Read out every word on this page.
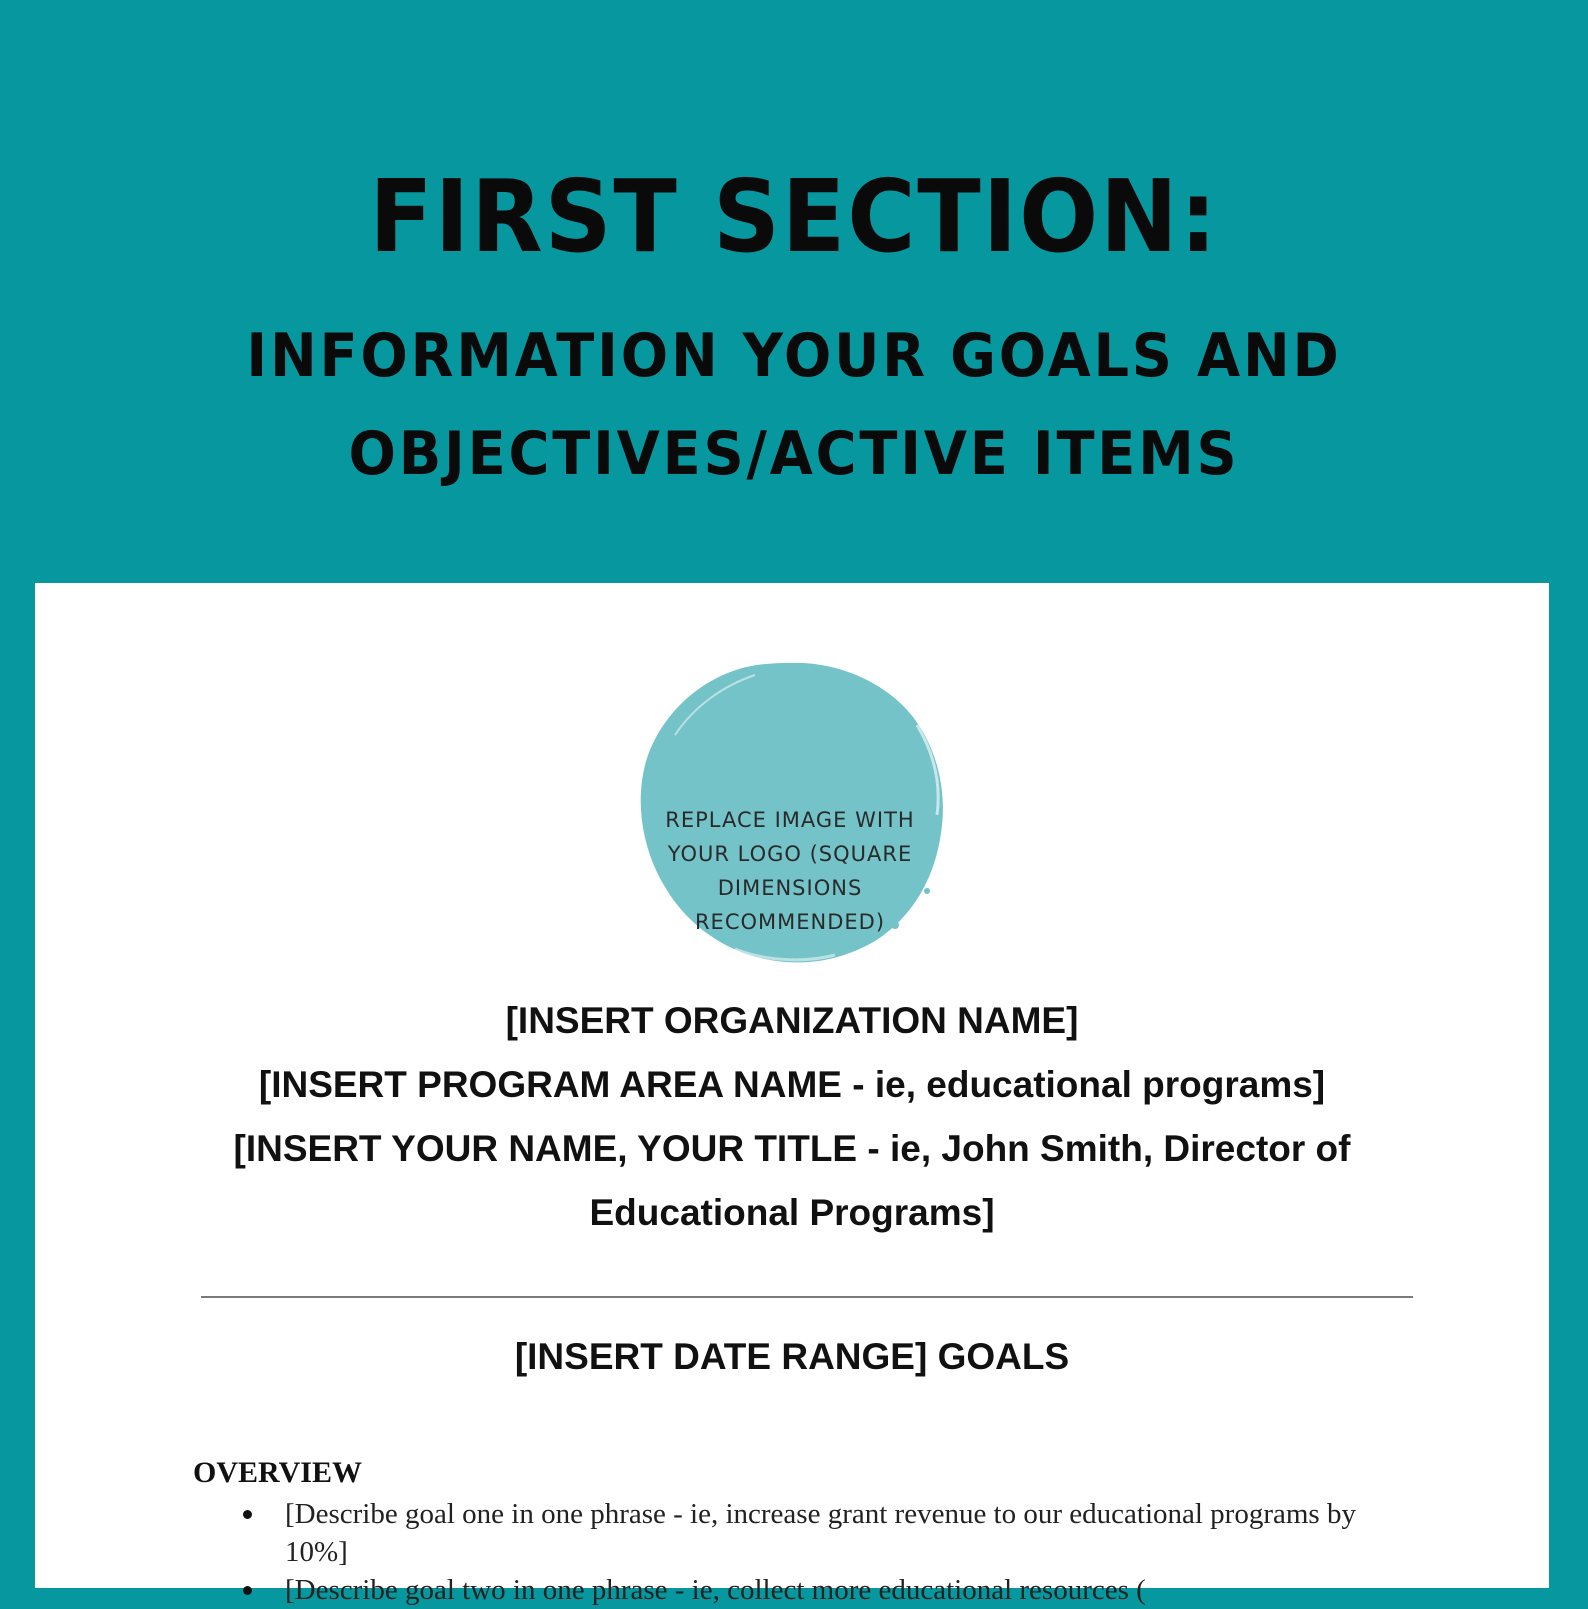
FIRST SECTION:
INFORMATION YOUR GOALS AND
OBJECTIVES/ACTIVE ITEMS
REPLACE IMAGE WITH YOUR LOGO (SQUARE DIMENSIONS RECOMMENDED)
[INSERT ORGANIZATION NAME]
[INSERT PROGRAM AREA NAME - ie, educational programs]
[INSERT YOUR NAME, YOUR TITLE - ie, John Smith, Director of Educational Programs]
[INSERT DATE RANGE] GOALS
OVERVIEW
[Describe goal one in one phrase - ie, increase grant revenue to our educational programs by 10%]
[Describe goal two in one phrase - ie, collect more educational resources (
